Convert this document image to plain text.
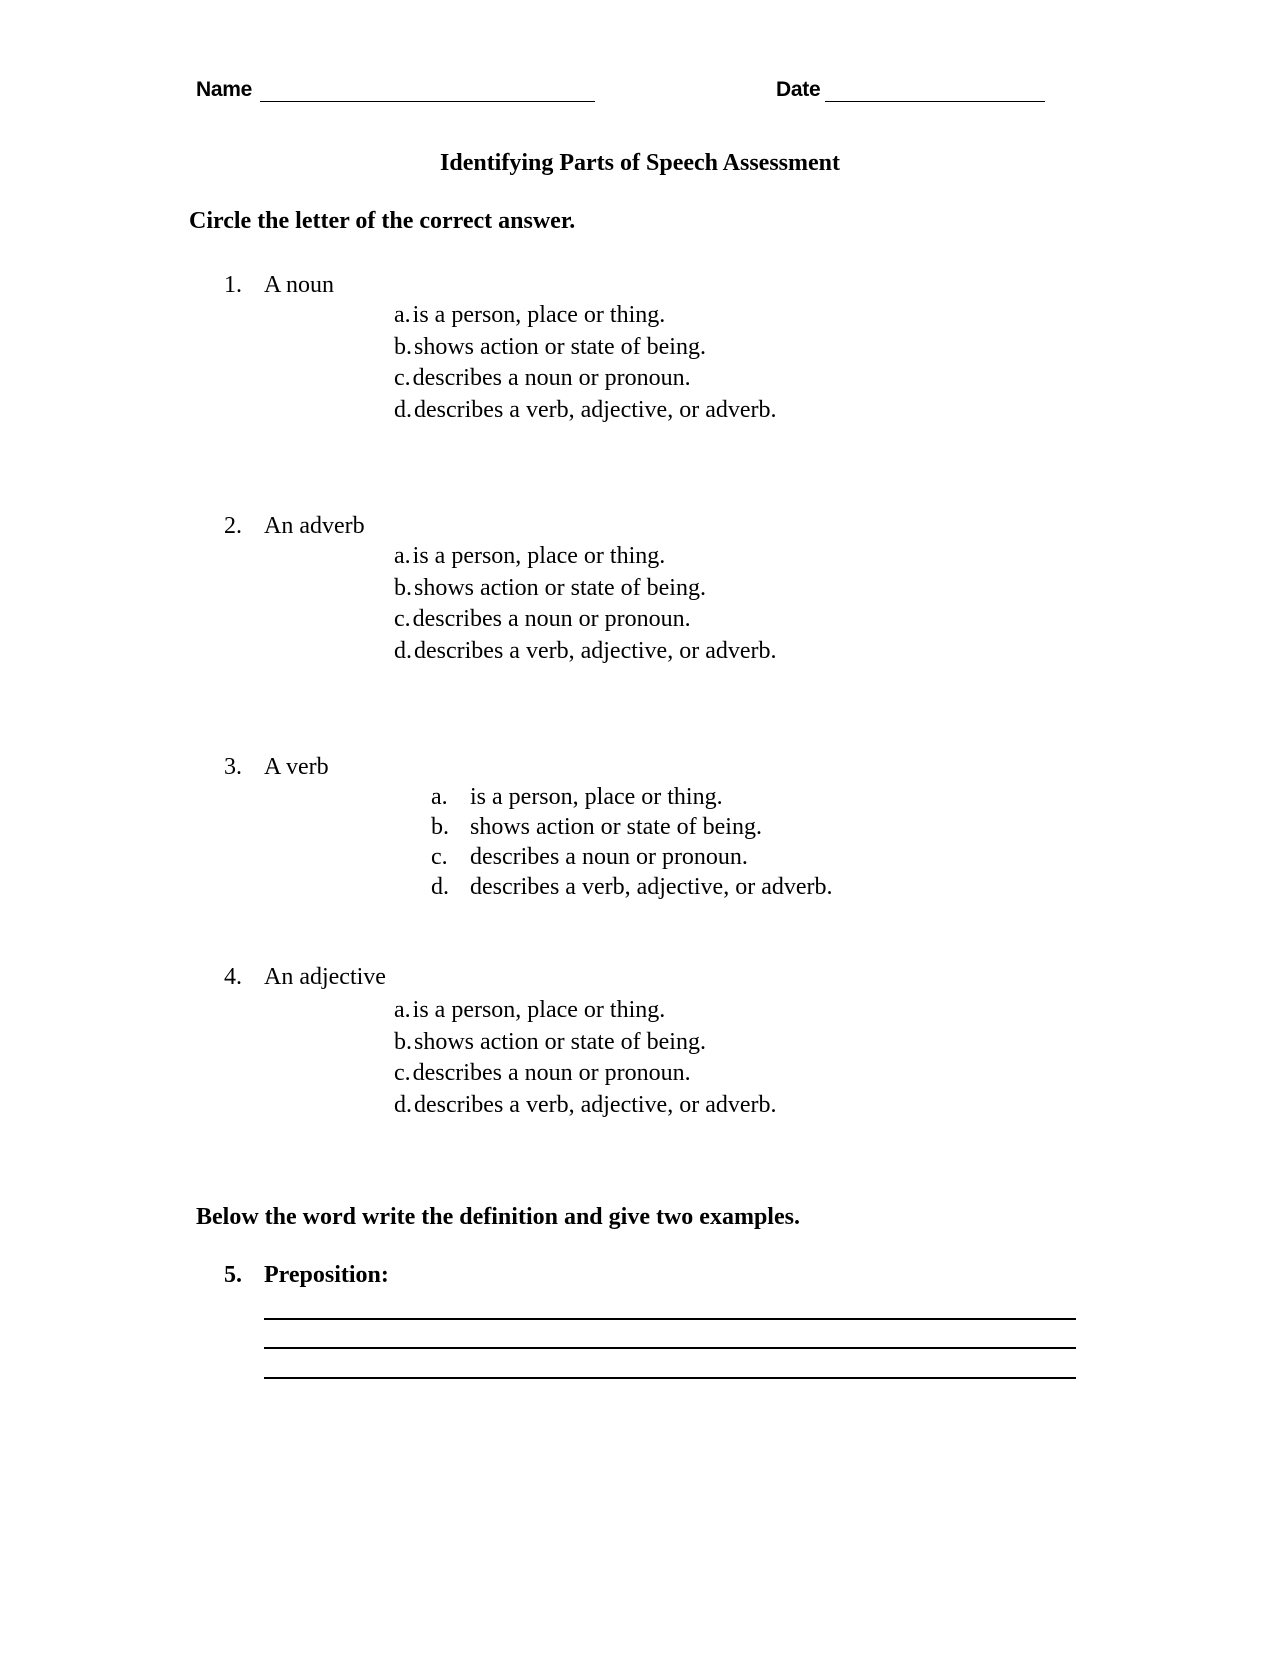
Name	Date
Identifying Parts of Speech Assessment
Circle the letter of the correct answer.
1. A noun
a.is a person, place or thing.
b.shows action or state of being.
c.describes a noun or pronoun.
d.describes a verb, adjective, or adverb.
2. An adverb
a.is a person, place or thing.
b.shows action or state of being.
c.describes a noun or pronoun.
d.describes a verb, adjective, or adverb.
3. A verb
a. is a person, place or thing.
b. shows action or state of being.
c. describes a noun or pronoun.
d. describes a verb, adjective, or adverb.
4. An adjective
a.is a person, place or thing.
b.shows action or state of being.
c.describes a noun or pronoun.
d.describes a verb, adjective, or adverb.
Below the word write the definition and give two examples.
5. Preposition:
